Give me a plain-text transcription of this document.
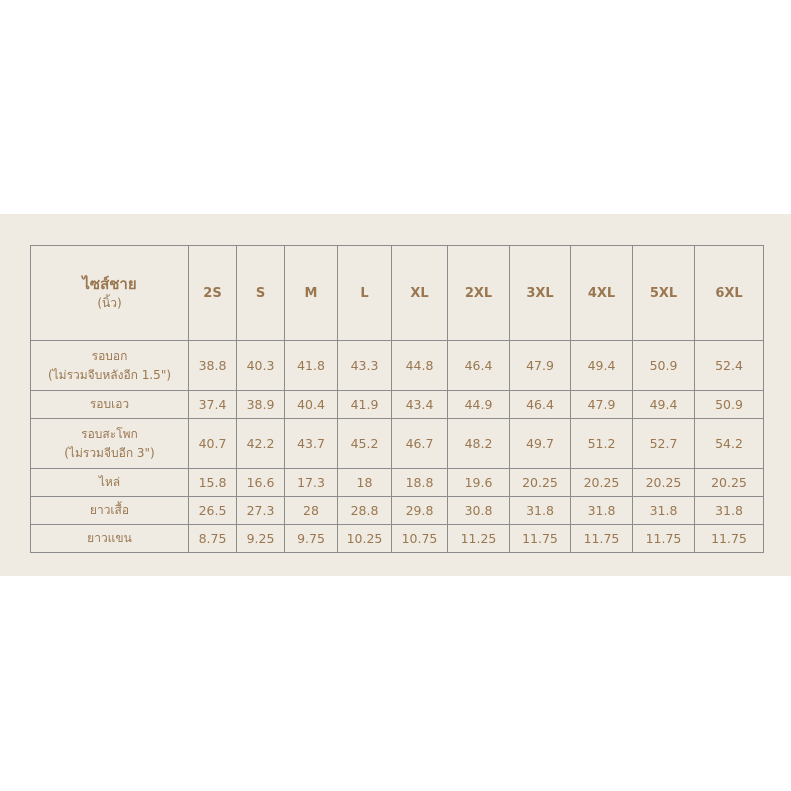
ไซส์ชาย
(นิ้ว)	2S	S	M	L	XL	2XL	3XL	4XL	5XL	6XL

รอบอก
(ไม่รวมจีบหลังอีก 1.5")	38.8	40.3	41.8	43.3	44.8	46.4	47.9	49.4	50.9	52.4

รอบเอว	37.4	38.9	40.4	41.9	43.4	44.9	46.4	47.9	49.4	50.9

รอบสะโพก
(ไม่รวมจีบอีก 3")	40.7	42.2	43.7	45.2	46.7	48.2	49.7	51.2	52.7	54.2

ไหล่	15.8	16.6	17.3	18	18.8	19.6	20.25	20.25	20.25	20.25

ยาวเสื้อ	26.5	27.3	28	28.8	29.8	30.8	31.8	31.8	31.8	31.8

ยาวแขน	8.75	9.25	9.75	10.25	10.75	11.25	11.75	11.75	11.75	11.75
